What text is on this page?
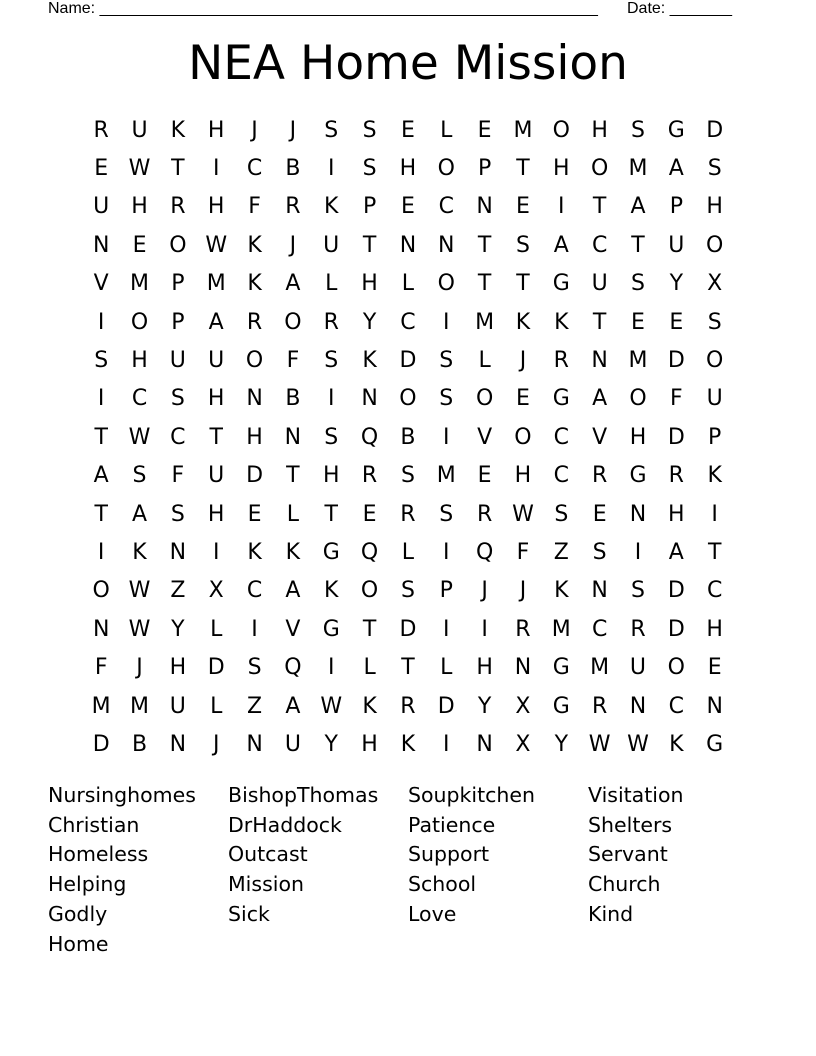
Name: ________________________________________________________ Date: _______
NEA Home Mission
R	U	K	H	J	J	S	S	E	L	E M O H	S	G D
E W T	I	C	B	I	S	H O	P	T	H O M A	S
U	H	R	H	F	R	K	P	E	C	N	E	I	T	A	P	H
N	E	O W K	J	U	T	N N	T	S	A	C	T	U O
V M	P	M K	A	L	H	L	O	T	T	G U	S	Y	X
I	O	P	A	R	O	R	Y	C	I	M K	K	T	E	E	S
S	H	U	U O	F	S	K	D	S	L	J	R	N M D O
I	C	S	H N	B	I	N O	S	O	E	G	A	O	F	U
T W C	T	H N	S	Q	B	I	V	O	C	V	H D	P
A	S	F	U D	T	H	R	S M E	H	C	R	G	R	K
T	A	S	H	E	L	T	E	R	S	R W S	E	N H	I
I	K	N	I	K	K	G Q	L	I	Q	F	Z	S	I	A	T
O W Z	X	C	A	K	O	S	P	J	J	K	N	S	D	C
N W Y	L	I	V	G	T	D	I	I	R M C	R	D H
F	J	H D	S	Q	I	L	T	L	H N G M U O	E
M M U	L	Z	A W K	R	D	Y	X	G	R	N	C	N
D	B	N	J	N	U	Y	H	K	I	N	X	Y W W K	G
Nursinghomes	BishopThomas	Soupkitchen	Visitation
Christian	DrHaddock	Patience	Shelters
Homeless	Outcast	Support	Servant
Helping	Mission	School	Church
Godly	Sick	Love	Kind
Home
